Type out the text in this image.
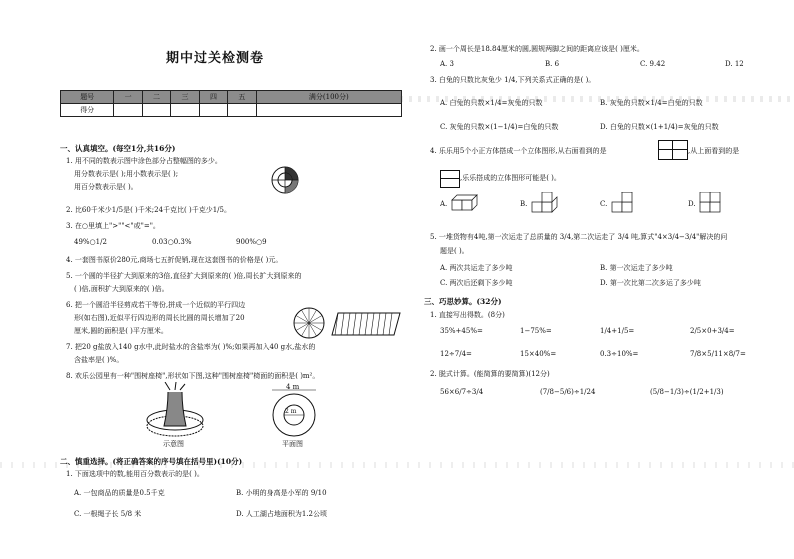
期中过关检测卷
题号	一	二	三	四	五	满分(100分)
得分						
一、认真填空。(每空1分,共16分)
1. 用不同的数表示图中涂色部分占整幅图的多少。
用分数表示是( );用小数表示是( );
用百分数表示是( )。
2. 比60千米少1/5是( )千米;24千克比( )千克少1/5。
3. 在○里填上">""<"或"="。
49%○1/2	0.03○0.3%	900%○9
4. 一套图书原价280元,商场七五折促销,现在这套图书的价格是( )元。
5. 一个圆的半径扩大到原来的3倍,直径扩大到原来的( )倍,周长扩大到原来的
( )倍,面积扩大到原来的( )倍。
6. 把一个圆沿半径剪成若干等份,拼成一个近似的平行四边
形(如右图),近似平行四边形的周长比圆的周长增加了20
厘米,圆的面积是( )平方厘米。
7. 把20 g盐放入140 g水中,此时盐水的含盐率为( )%;如果再加入40 g水,盐水的
含盐率是( )%。
8. 欢乐公园里有一种"围树座椅",形状如下图,这种"围树座椅"椅面的面积是( )m²。
示意图
4 m
2 m
平面图
二、慎重选择。(将正确答案的序号填在括号里)(10分)
1. 下面选项中的数,能用百分数表示的是( )。
A. 一包商品的质量是0.5千克	B. 小明的身高是小军的 9/10
C. 一根绳子长 5/8 米	D. 人工湖占地面积为1.2公顷
2. 画一个周长是18.84厘米的圆,圆规两脚之间的距离应该是( )厘米。
A. 3	B. 6	C. 9.42	D. 12
3. 白兔的只数比灰兔少 1/4,下列关系式正确的是( )。
A. 白兔的只数×1/4=灰兔的只数	B. 灰兔的只数×1/4=白兔的只数
C. 灰兔的只数×(1−1/4)=白兔的只数	D. 白兔的只数×(1+1/4)=灰兔的只数
4. 乐乐用5个小正方体搭成一个立体图形,从右面看到的是	,从上面看到的是
,乐乐搭成的立体图形可能是( )。
A.	B.	C.	D.
5. 一堆货物有4吨,第一次运走了总质量的 3/4,第二次运走了 3/4 吨,算式"4×3/4−3/4"解决的问
题是( )。
A. 两次共运走了多少吨	B. 第一次运走了多少吨
C. 两次后还剩下多少吨	D. 第一次比第二次多运了多少吨
三、巧思妙算。(32分)
1. 直接写出得数。(8分)
35%+45%=	1−75%=	1/4+1/5=	2/5×0+3/4=
12÷7/4=	15×40%=	0.3÷10%=	7/8×5/11×8/7=
2. 脱式计算。(能简算的要简算)(12分)
56×6/7÷3/4	(7/8−5/6)÷1/24	(5/8−1/3)÷(1/2+1/3)
